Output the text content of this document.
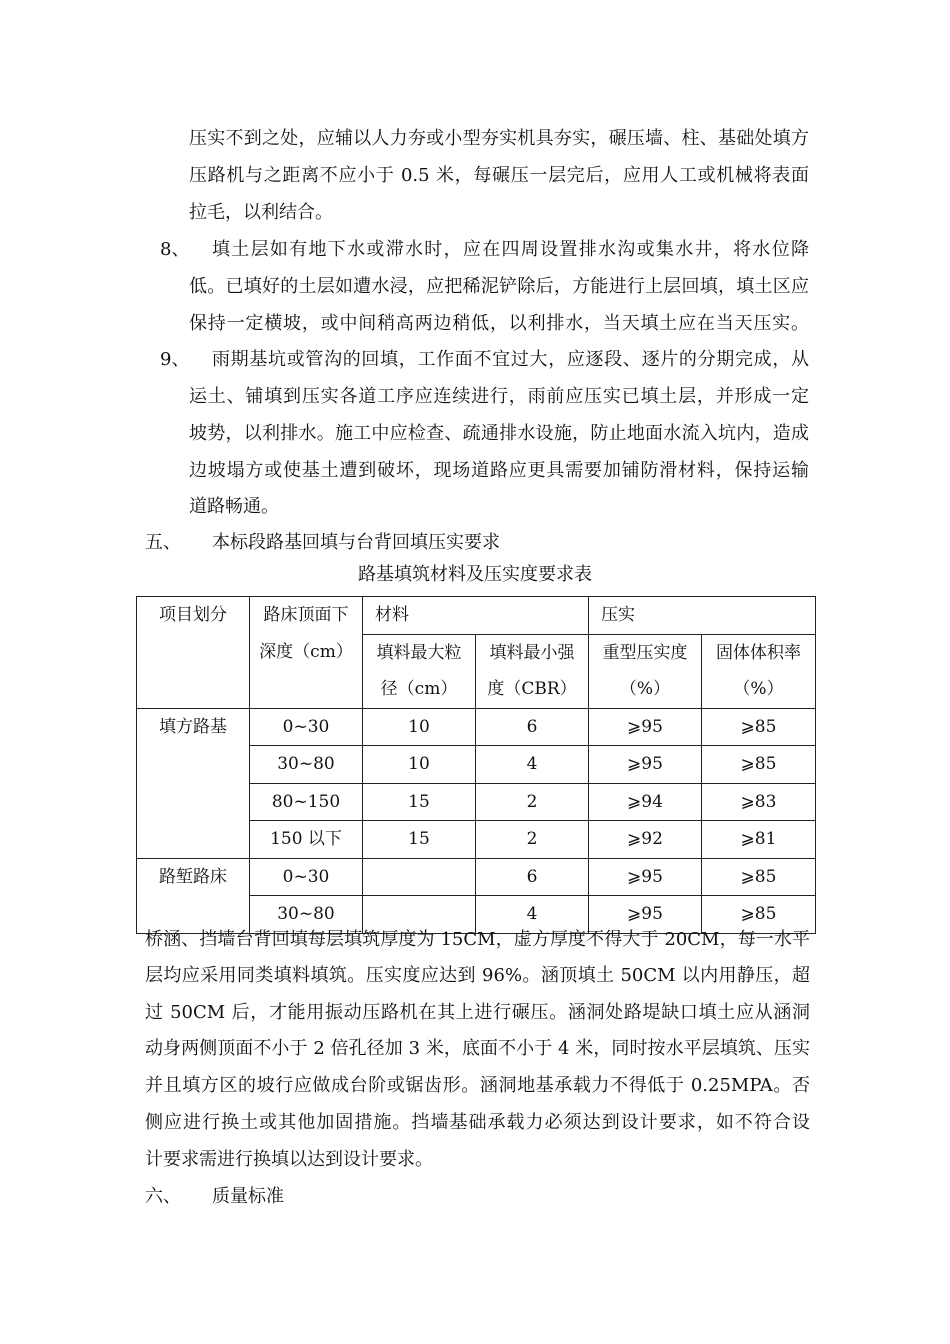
压实不到之处，应辅以人力夯或小型夯实机具夯实，碾压墙、柱、基础处填方
压路机与之距离不应小于 0.5 米，每碾压一层完后，应用人工或机械将表面
拉毛，以利结合。
8、 填土层如有地下水或滞水时，应在四周设置排水沟或集水井，将水位降
低。已填好的土层如遭水浸，应把稀泥铲除后，方能进行上层回填，填土区应
保持一定横坡，或中间稍高两边稍低，以利排水，当天填土应在当天压实。
9、 雨期基坑或管沟的回填，工作面不宜过大，应逐段、逐片的分期完成，从
运土、铺填到压实各道工序应连续进行，雨前应压实已填土层，并形成一定
坡势，以利排水。施工中应检查、疏通排水设施，防止地面水流入坑内，造成
边坡塌方或使基土遭到破坏，现场道路应更具需要加铺防滑材料，保持运输
道路畅通。
五、 本标段路基回填与台背回填压实要求
路基填筑材料及压实度要求表
项目划分	路床顶面下	材料		压实	
	深度（cm）	填料最大粒	填料最小强	重型压实度	固体体积率
		径（cm）	度（CBR）	（%）	（%）
填方路基	0~30	10	6	⩾95	⩾85
	30~80	10	4	⩾95	⩾85
	80~150	15	2	⩾94	⩾83
	150 以下	15	2	⩾92	⩾81
路堑路床	0~30		6	⩾95	⩾85
	30~80		4	⩾95	⩾85
桥涵、挡墙台背回填每层填筑厚度为 15CM，虚方厚度不得大于 20CM，每一水平
层均应采用同类填料填筑。压实度应达到 96%。涵顶填土 50CM 以内用静压，超
过 50CM 后，才能用振动压路机在其上进行碾压。涵洞处路堤缺口填土应从涵洞
动身两侧顶面不小于 2 倍孔径加 3 米，底面不小于 4 米，同时按水平层填筑、压实
并且填方区的坡行应做成台阶或锯齿形。涵洞地基承载力不得低于 0.25MPA。否
侧应进行换土或其他加固措施。挡墙基础承载力必须达到设计要求，如不符合设
计要求需进行换填以达到设计要求。
六、 质量标准
